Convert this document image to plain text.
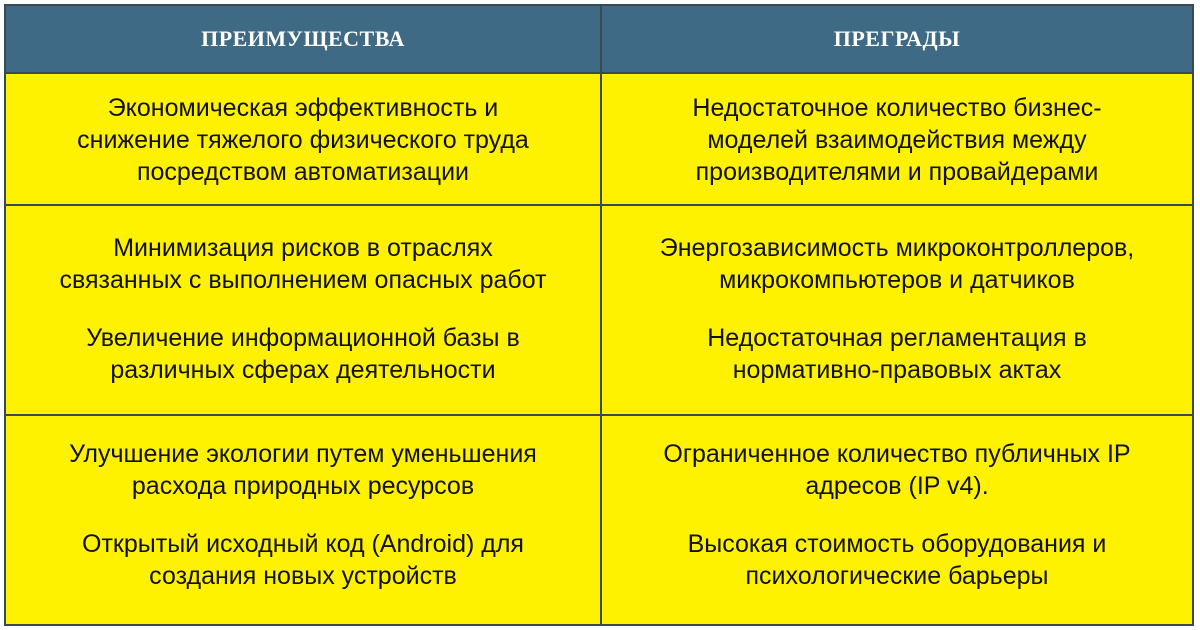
ПРЕИМУЩЕСТВА	ПРЕГРАДЫ
Экономическая эффективность и
снижение тяжелого физического труда
посредством автоматизации
Недостаточное количество бизнес-
моделей взаимодействия между
производителями и провайдерами
Минимизация рисков в отраслях
связанных с выполнением опасных работ
Увеличение информационной базы в
различных сферах деятельности
Энергозависимость микроконтроллеров,
микрокомпьютеров и датчиков
Недостаточная регламентация в
нормативно-правовых актах
Улучшение экологии путем уменьшения
расхода природных ресурсов
Открытый исходный код (Android) для
создания новых устройств
Ограниченное количество публичных IP
адресов (IP v4).
Высокая стоимость оборудования и
психологические барьеры
